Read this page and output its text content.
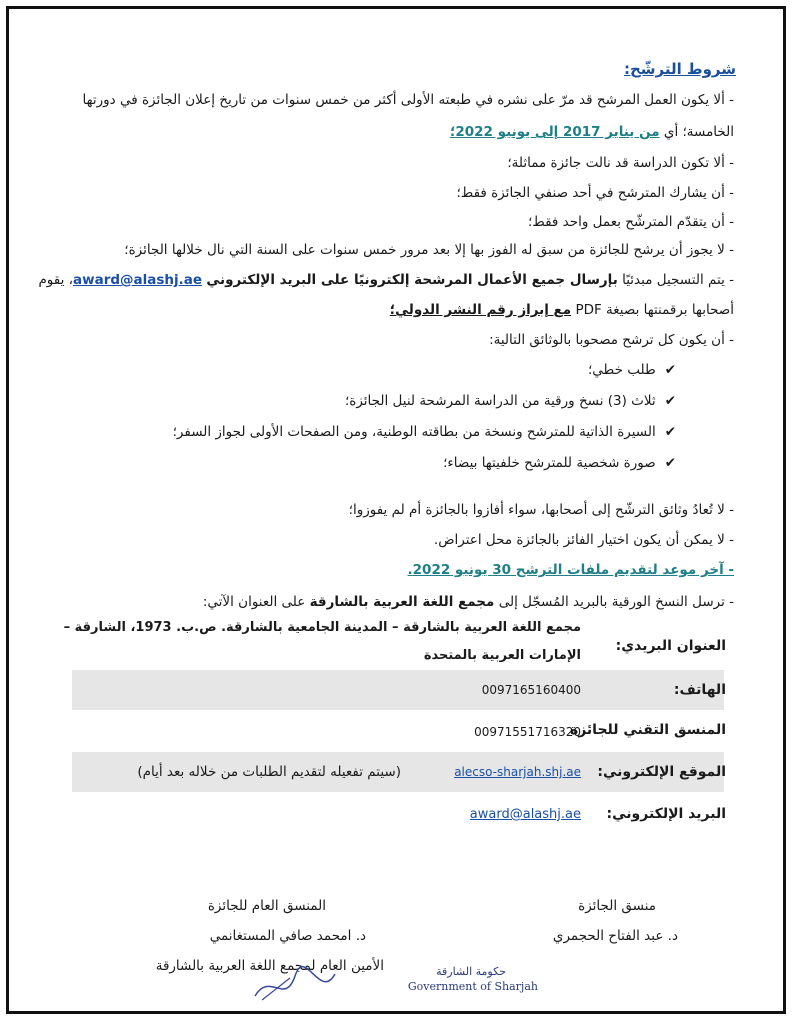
شروط الترشّح:
- ألا يكون العمل المرشح قد مرّ على نشره في طبعته الأولى أكثر من خمس سنوات من تاريخ إعلان الجائزة في دورتها
الخامسة؛ أي من يناير 2017 إلى يونيو 2022؛
- ألا تكون الدراسة قد نالت جائزة مماثلة؛
- أن يشارك المترشح في أحد صنفي الجائزة فقط؛
- أن يتقدّم المترشّح بعمل واحد فقط؛
- لا يجوز أن يرشح للجائزة من سبق له الفوز بها إلا بعد مرور خمس سنوات على السنة التي نال خلالها الجائزة؛
- يتم التسجيل مبدئيًا بإرسال جميع الأعمال المرشحة إلكترونيًا على البريد الإلكتروني award@alashj.ae، يقوم
أصحابها برقمنتها بصيغة PDF مع إبراز رقم النشر الدولي؛
- أن يكون كل ترشح مصحوبا بالوثائق التالية:
✔ طلب خطي؛
✔ ثلاث (3) نسخ ورقية من الدراسة المرشحة لنيل الجائزة؛
✔ السيرة الذاتية للمترشح ونسخة من بطاقته الوطنية، ومن الصفحات الأولى لجواز السفر؛
✔ صورة شخصية للمترشح خلفيتها بيضاء؛
- لا تُعادُ وثائق الترشّح إلى أصحابها، سواء أفازوا بالجائزة أم لم يفوزوا؛
- لا يمكن أن يكون اختيار الفائز بالجائزة محل اعتراض.
- آخر موعد لتقديم ملفات الترشح 30 يونيو 2022.
- ترسل النسخ الورقية بالبريد المُسجّل إلى مجمع اللغة العربية بالشارقة على العنوان الآتي:
العنوان البريدي:
مجمع اللغة العربية بالشارقة – المدينة الجامعية بالشارقة. ص.ب. 1973، الشارقة –
الإمارات العربية بالمتحدة
الهاتف:
0097165160400
المنسق التقني للجائزة
00971551716320
الموقع الإلكتروني:
alecso-sharjah.shj.ae
(سيتم تفعيله لتقديم الطلبات من خلاله بعد أيام)
البريد الإلكتروني:
award@alashj.ae
المنسق العام للجائزة
د. امحمد صافي المستغانمي
الأمين العام لمجمع اللغة العربية بالشارقة
منسق الجائزة
د. عبد الفتاح الحجمري
حكومة الشارقة
Government of Sharjah
